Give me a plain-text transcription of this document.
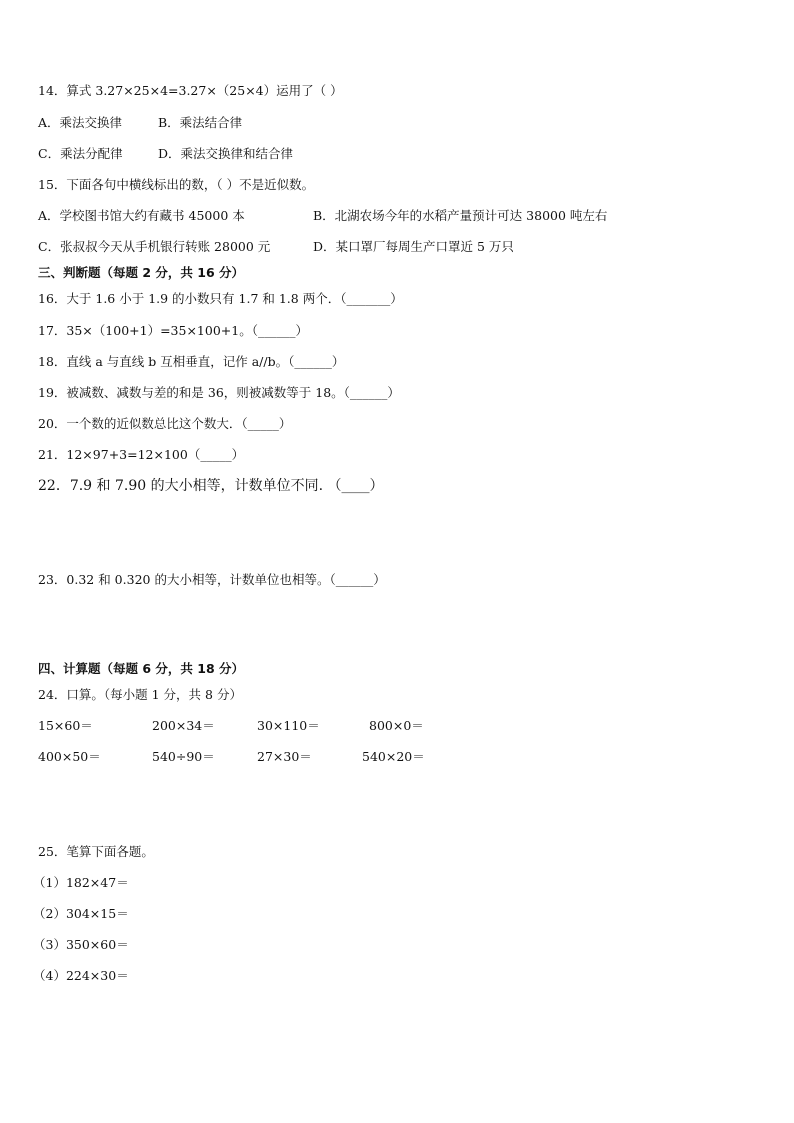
14．算式 3.27×25×4=3.27×（25×4）运用了（ ）
A．乘法交换律	B．乘法结合律
C．乘法分配律	D．乘法交换律和结合律
15．下面各句中横线标出的数，（ ）不是近似数。
A．学校图书馆大约有藏书 45000 本	B．北湖农场今年的水稻产量预计可达 38000 吨左右
C．张叔叔今天从手机银行转账 28000 元	D．某口罩厂每周生产口罩近 5 万只
三、判断题（每题 2 分，共 16 分）
16．大于 1.6 小于 1.9 的小数只有 1.7 和 1.8 两个．（_______）
17．35×（100+1）=35×100+1。（______）
18．直线 a 与直线 b 互相垂直，记作 a//b。（______）
19．被减数、减数与差的和是 36，则被减数等于 18。（______）
20．一个数的近似数总比这个数大．（_____）
21．12×97+3=12×100（_____）
22．7.9 和 7.90 的大小相等，计数单位不同. （____）
23．0.32 和 0.320 的大小相等，计数单位也相等。（______）
四、计算题（每题 6 分，共 18 分）
24．口算。（每小题 1 分，共 8 分）
15×60＝	200×34＝	30×110＝	800×0＝
400×50＝	540÷90＝	27×30＝	540×20＝
25．笔算下面各题。
（1）182×47＝
（2）304×15＝
（3）350×60＝
（4）224×30＝
